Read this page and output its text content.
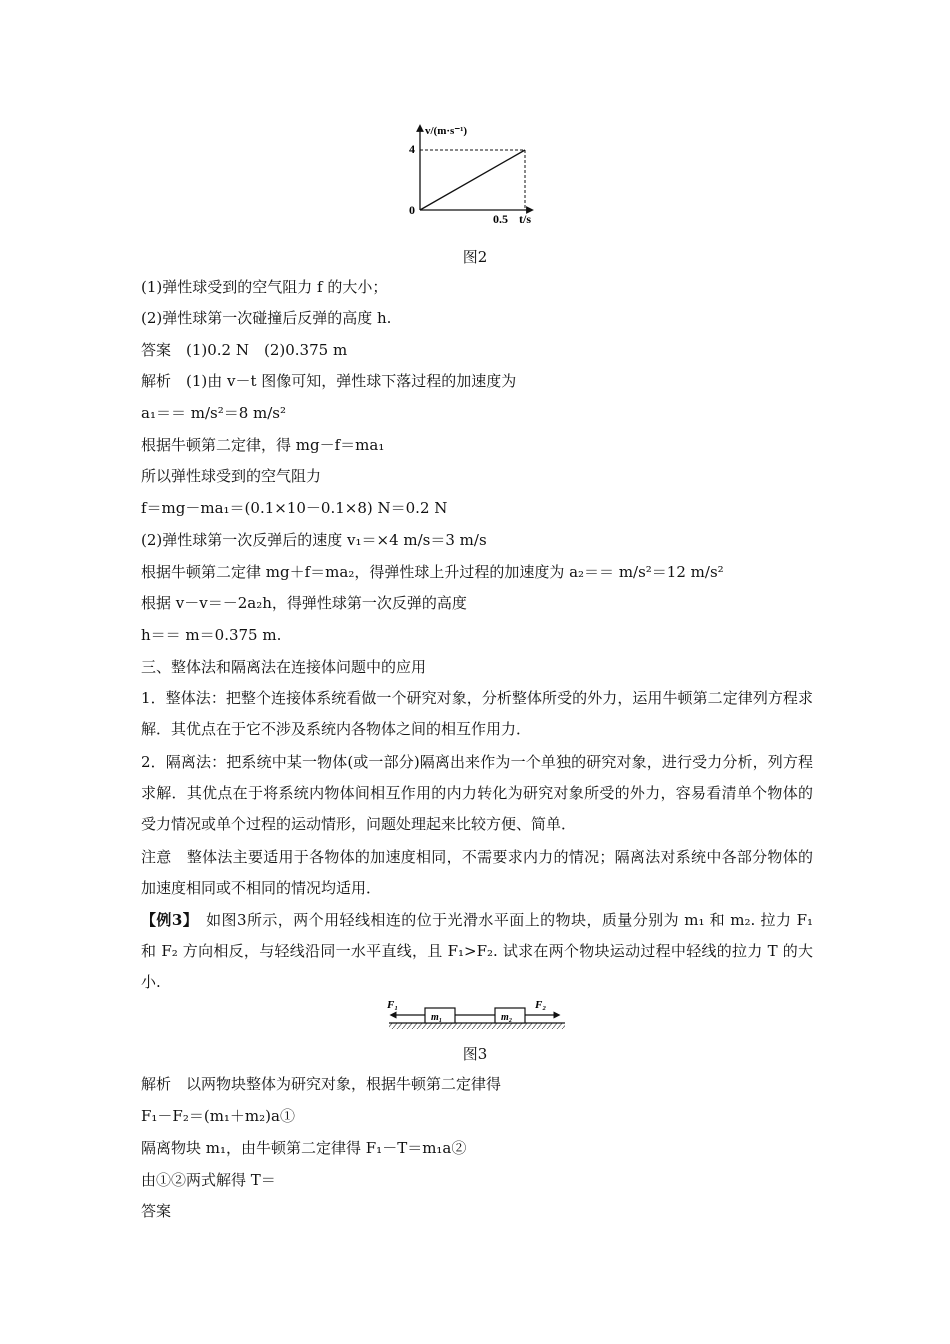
v/(m·s⁻¹)
4
0
0.5 t/s
图2
(1)弹性球受到的空气阻力 f 的大小；
(2)弹性球第一次碰撞后反弹的高度 h.
答案　(1)0.2 N　(2)0.375 m
解析　(1)由 v－t 图像可知，弹性球下落过程的加速度为
a₁＝＝ m/s²＝8 m/s²
根据牛顿第二定律，得 mg－f＝ma₁
所以弹性球受到的空气阻力
f＝mg－ma₁＝(0.1×10－0.1×8) N＝0.2 N
(2)弹性球第一次反弹后的速度 v₁＝×4 m/s＝3 m/s
根据牛顿第二定律 mg＋f＝ma₂，得弹性球上升过程的加速度为 a₂＝＝ m/s²＝12 m/s²
根据 v－v＝－2a₂h，得弹性球第一次反弹的高度
h＝＝ m＝0.375 m.
三、整体法和隔离法在连接体问题中的应用
1．整体法：把整个连接体系统看做一个研究对象，分析整体所受的外力，运用牛顿第二定律列方程求解．其优点在于它不涉及系统内各物体之间的相互作用力．
2．隔离法：把系统中某一物体(或一部分)隔离出来作为一个单独的研究对象，进行受力分析，列方程求解．其优点在于将系统内物体间相互作用的内力转化为研究对象所受的外力，容易看清单个物体的受力情况或单个过程的运动情形，问题处理起来比较方便、简单．
注意　整体法主要适用于各物体的加速度相同，不需要求内力的情况；隔离法对系统中各部分物体的加速度相同或不相同的情况均适用．
【例3】　如图3所示，两个用轻线相连的位于光滑水平面上的物块，质量分别为 m₁ 和 m₂. 拉力 F₁ 和 F₂ 方向相反，与轻线沿同一水平直线，且 F₁>F₂. 试求在两个物块运动过程中轻线的拉力 T 的大小.
F₁	F₂
m₁	m₂
图3
解析　以两物块整体为研究对象，根据牛顿第二定律得
F₁－F₂＝(m₁＋m₂)a①
隔离物块 m₁，由牛顿第二定律得 F₁－T＝m₁a②
由①②两式解得 T＝
答案
